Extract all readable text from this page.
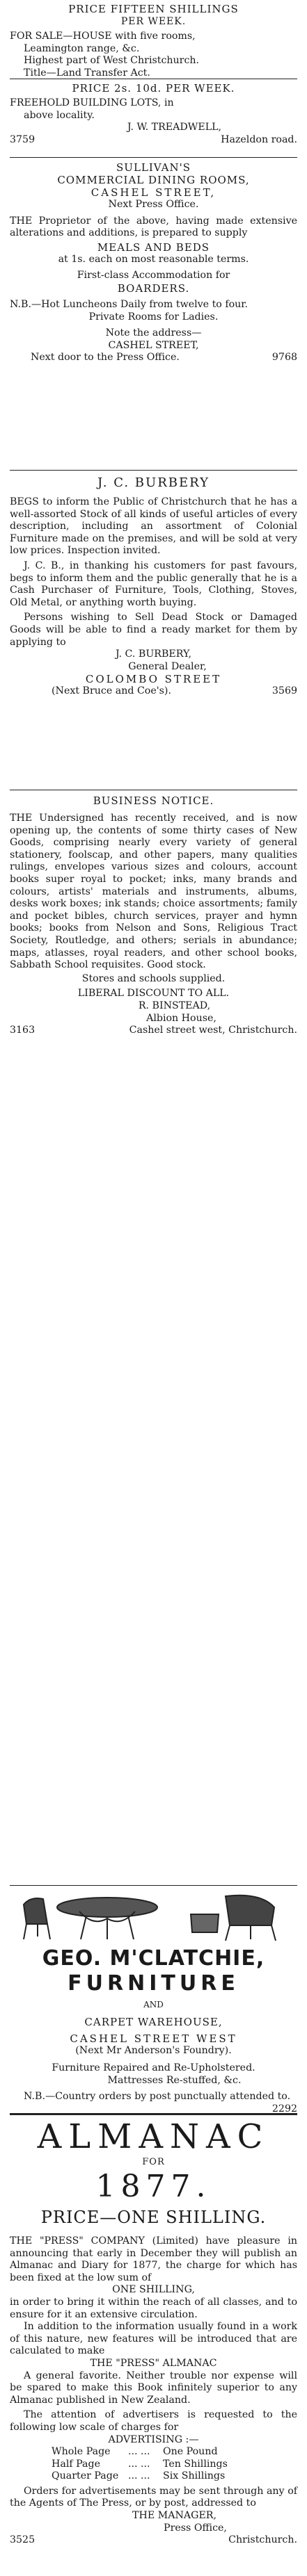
PRICE FIFTEEN SHILLINGS

PER WEEK.

FOR SALE—HOUSE with five rooms,

Leamington range, &c.

Highest part of West Christchurch.

Title—Land Transfer Act.

PRICE 2s. 10d. PER WEEK.

FREEHOLD BUILDING LOTS, in

above locality.

J. W. TREADWELL,

3759	Hazeldon road.

SULLIVAN'S

COMMERCIAL DINING ROOMS,

CASHEL STREET,

Next Press Office.

THE Proprietor of the above, having made extensive alterations and additions, is prepared to supply

MEALS AND BEDS

at 1s. each on most reasonable terms.

First-class Accommodation for

BOARDERS.

N.B.—Hot Luncheons Daily from twelve to four.

Private Rooms for Ladies.

Note the address—

CASHEL STREET,

Next door to the Press Office.	9768

J. C. BURBERY

BEGS to inform the Public of Christchurch that he has a well-assorted Stock of all kinds of useful articles of every description, including an assortment of Colonial Furniture made on the premises, and will be sold at very low prices. Inspection invited.

J. C. B., in thanking his customers for past favours, begs to inform them and the public generally that he is a Cash Purchaser of Furniture, Tools, Clothing, Stoves, Old Metal, or anything worth buying.

Persons wishing to Sell Dead Stock or Damaged Goods will be able to find a ready market for them by applying to

J. C. BURBERY,

General Dealer,

COLOMBO STREET

(Next Bruce and Coe's).	3569

BUSINESS NOTICE.

THE Undersigned has recently received, and is now opening up, the contents of some thirty cases of New Goods, comprising nearly every variety of general stationery, foolscap, and other papers, many qualities rulings, envelopes various sizes and colours, account books super royal to pocket; inks, many brands and colours, artists' materials and instruments, albums, desks work boxes; ink stands; choice assortments; family and pocket bibles, church services, prayer and hymn books; books from Nelson and Sons, Religious Tract Society, Routledge, and others; serials in abundance; maps, atlasses, royal readers, and other school books, Sabbath School requisites. Good stock.

Stores and schools supplied.

LIBERAL DISCOUNT TO ALL.

R. BINSTEAD,

Albion House,

3163	Cashel street west, Christchurch.

GEO. M'CLATCHIE,

FURNITURE

AND

CARPET WAREHOUSE,

CASHEL STREET WEST

(Next Mr Anderson's Foundry).

Furniture Repaired and Re-Upholstered.

Mattresses Re-stuffed, &c.

N.B.—Country orders by post punctually attended to.

2292

ALMANAC

FOR

1877.

PRICE—ONE SHILLING.

THE "PRESS" COMPANY (Limited) have pleasure in announcing that early in December they will publish an Almanac and Diary for 1877, the charge for which has been fixed at the low sum of

ONE SHILLING,

in order to bring it within the reach of all classes, and to ensure for it an extensive circulation.

In addition to the information usually found in a work of this nature, new features will be introduced that are calculated to make

THE "PRESS" ALMANAC

A general favorite. Neither trouble nor expense will be spared to make this Book infinitely superior to any Almanac published in New Zealand.

The attention of advertisers is requested to the following low scale of charges for

ADVERTISING :—

Whole Page	... ...	One Pound
Half Page	... ...	Ten Shillings
Quarter Page ... ...	Six Shillings

Orders for advertisements may be sent through any of the Agents of The Press, or by post, addressed to

THE MANAGER,

Press Office,

3525	Christchurch.
